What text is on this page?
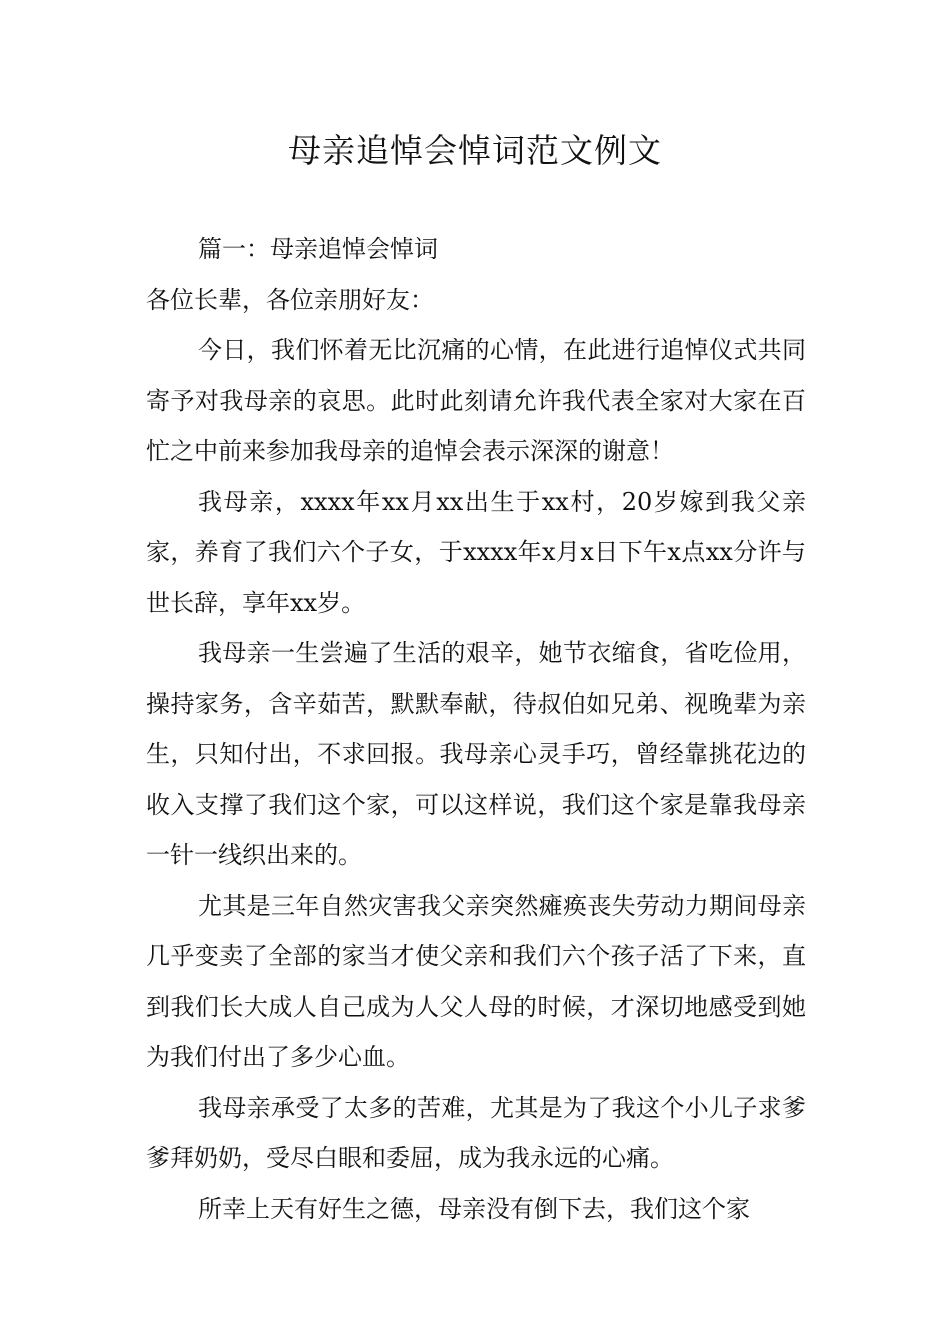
母亲追悼会悼词范文例文

篇一：母亲追悼会悼词

各位长辈，各位亲朋好友：

今日，我们怀着无比沉痛的心情，在此进行追悼仪式共同寄予对我母亲的哀思。此时此刻请允许我代表全家对大家在百忙之中前来参加我母亲的追悼会表示深深的谢意！

我母亲，xxxx年xx月xx出生于xx村，20岁嫁到我父亲家，养育了我们六个子女，于xxxx年x月x日下午x点xx分许与世长辞，享年xx岁。

我母亲一生尝遍了生活的艰辛，她节衣缩食，省吃俭用，操持家务，含辛茹苦，默默奉献，待叔伯如兄弟、视晚辈为亲生，只知付出，不求回报。我母亲心灵手巧，曾经靠挑花边的收入支撑了我们这个家，可以这样说，我们这个家是靠我母亲一针一线织出来的。

尤其是三年自然灾害我父亲突然瘫痪丧失劳动力期间母亲几乎变卖了全部的家当才使父亲和我们六个孩子活了下来，直到我们长大成人自己成为人父人母的时候，才深切地感受到她为我们付出了多少心血。

我母亲承受了太多的苦难，尤其是为了我这个小儿子求爹爹拜奶奶，受尽白眼和委屈，成为我永远的心痛。

所幸上天有好生之德，母亲没有倒下去，我们这个家
